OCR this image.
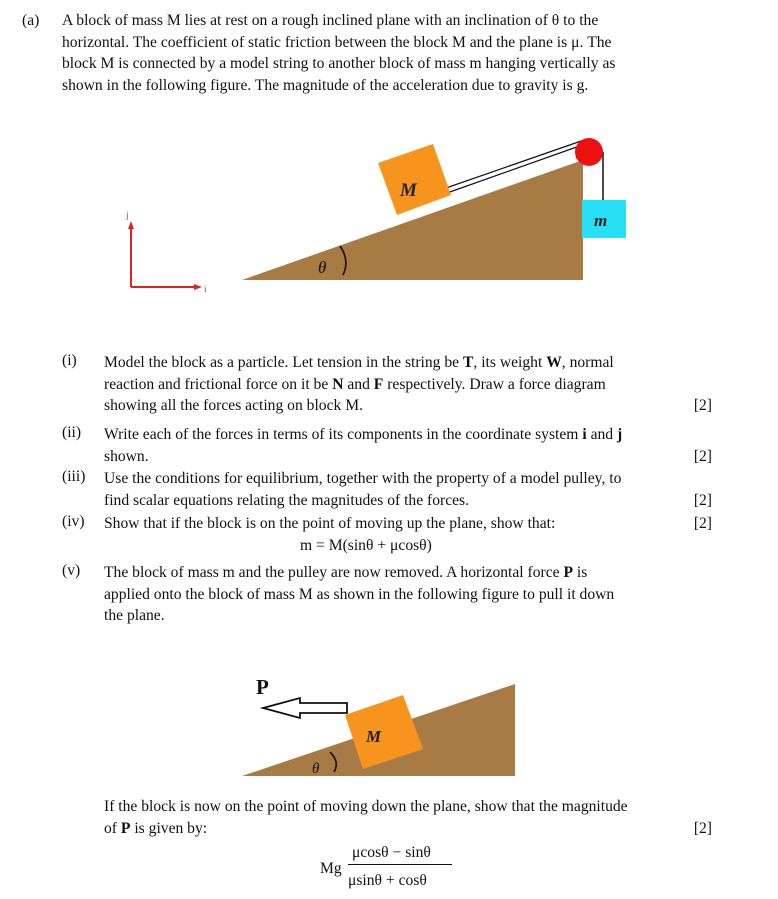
(a) A block of mass M lies at rest on a rough inclined plane with an inclination of θ to the
horizontal. The coefficient of static friction between the block M and the plane is μ. The
block M is connected by a model string to another block of mass m hanging vertically as
shown in the following figure. The magnitude of the acceleration due to gravity is g.
j
i
M
m
θ
(i) Model the block as a particle. Let tension in the string be T, its weight W, normal
reaction and frictional force on it be N and F respectively. Draw a force diagram
showing all the forces acting on block M.	[2]
(ii) Write each of the forces in terms of its components in the coordinate system i and j
shown.	[2]
(iii) Use the conditions for equilibrium, together with the property of a model pulley, to
find scalar equations relating the magnitudes of the forces.	[2]
(iv) Show that if the block is on the point of moving up the plane, show that:	[2]
m = M(sinθ + μcosθ)
(v) The block of mass m and the pulley are now removed. A horizontal force P is
applied onto the block of mass M as shown in the following figure to pull it down
the plane.
M
P
θ
If the block is now on the point of moving down the plane, show that the magnitude
of P is given by:	[2]
Mg
μcosθ − sinθ
μsinθ + cosθ
